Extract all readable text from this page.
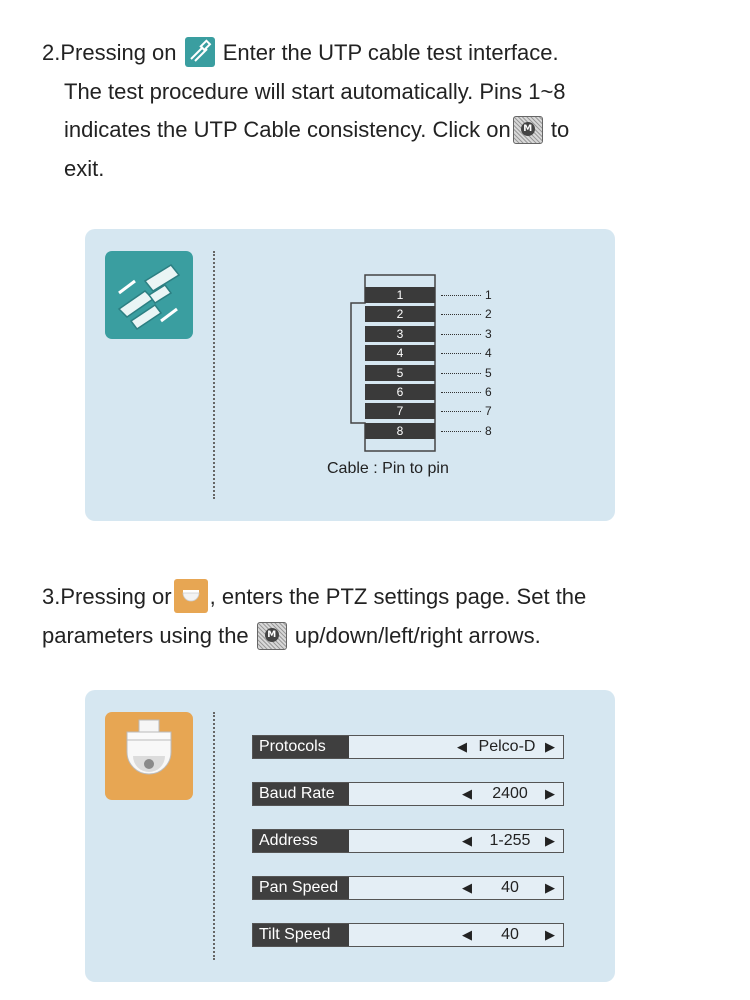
2.Pressing on  Enter the UTP cable test interface.
The test procedure will start automatically. Pins 1~8
indicates the UTP Cable consistency. Click on M to
exit.
1	1
2	2
3	3
4	4
5	5
6	6
7	7
8	8
Cable : Pin to pin
3.Pressing or , enters the PTZ settings page. Set the
parameters using the M up/down/left/right arrows.
Protocols	◀ Pelco-D ▶
Baud Rate	◀	2400	▶
Address	◀ 1-255	▶
Pan Speed	◀	40	▶
Tilt Speed	◀	40	▶
